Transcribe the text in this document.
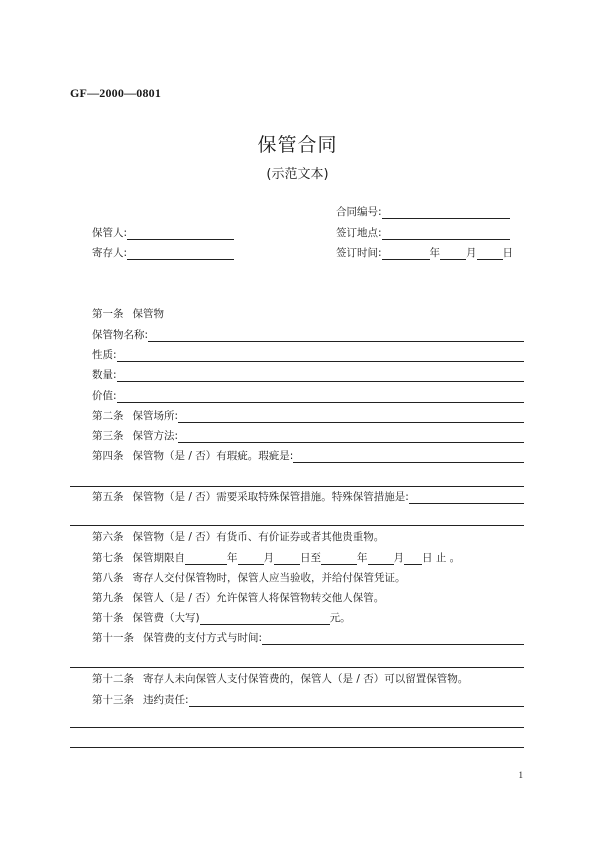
GF—2000—0801
保管合同
(示范文本)
合同编号:
保管人:	签订地点:
寄存人:	签订时间:	年 月 日
第一条 保管物
保管物名称:
性质:
数量:
价值:
第二条 保管场所:
第三条 保管方法:
第四条 保管物（是 / 否）有瑕疵。瑕疵是:
第五条 保管物（是 / 否）需要采取特殊保管措施。特殊保管措施是:
第六条 保管物（是 / 否）有货币、有价证券或者其他贵重物。
第七条 保管期限自	年 月 日至	年 月 日 止 。
第八条 寄存人交付保管物时，保管人应当验收，并给付保管凭证。
第九条 保管人（是 / 否）允许保管人将保管物转交他人保管。
第十条 保管费（大写)	元。
第十一条 保管费的支付方式与时间:
第十二条 寄存人未向保管人支付保管费的，保管人（是 / 否）可以留置保管物。
第十三条 违约责任:
1
